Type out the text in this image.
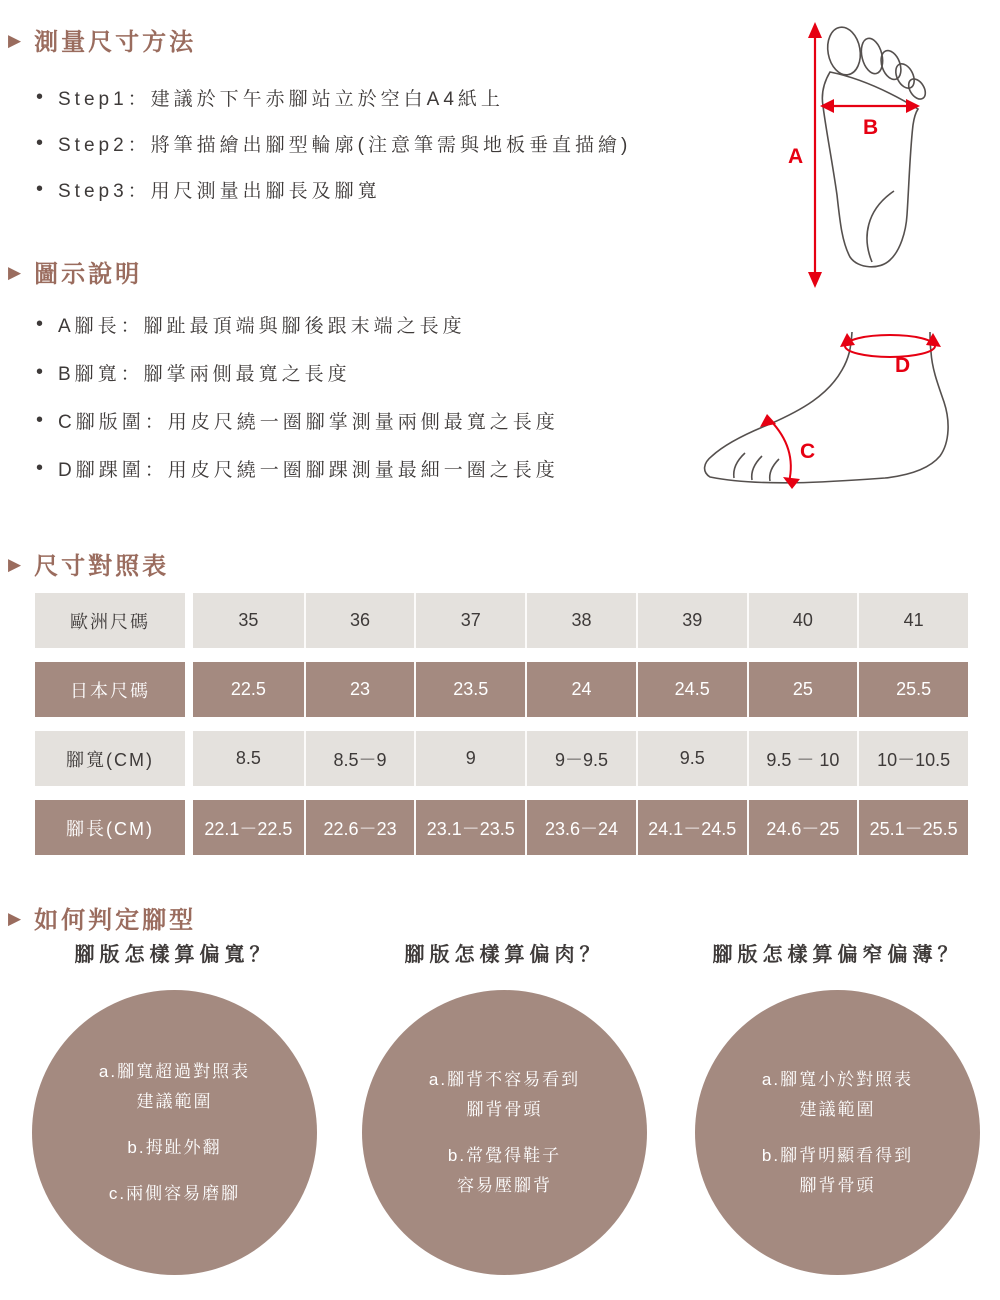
▶ 測量尺寸方法
• Step1：建議於下午赤腳站立於空白A4紙上
• Step2：將筆描繪出腳型輪廓(注意筆需與地板垂直描繪)
• Step3：用尺測量出腳長及腳寬
A
B
▶ 圖示說明
• A腳長：腳趾最頂端與腳後跟末端之長度
• B腳寬：腳掌兩側最寬之長度
• C腳版圍：用皮尺繞一圈腳掌測量兩側最寬之長度
• D腳踝圍：用皮尺繞一圈腳踝測量最細一圈之長度
D
C
▶ 尺寸對照表
歐洲尺碼	35	36	37	38	39	40	41
日本尺碼	22.5	23	23.5	24	24.5	25	25.5
腳寬(CM)	8.5	8.5－9	9	9－9.5	9.5	9.5 － 10	10－10.5
腳長(CM)	22.1－22.5	22.6－23	23.1－23.5	23.6－24	24.1－24.5	24.6－25	25.1－25.5
▶ 如何判定腳型
腳版怎樣算偏寬？
a.腳寬超過對照表
建議範圍
b.拇趾外翻
c.兩側容易磨腳
腳版怎樣算偏肉？
a.腳背不容易看到
腳背骨頭
b.常覺得鞋子
容易壓腳背
腳版怎樣算偏窄偏薄？
a.腳寬小於對照表
建議範圍
b.腳背明顯看得到
腳背骨頭
